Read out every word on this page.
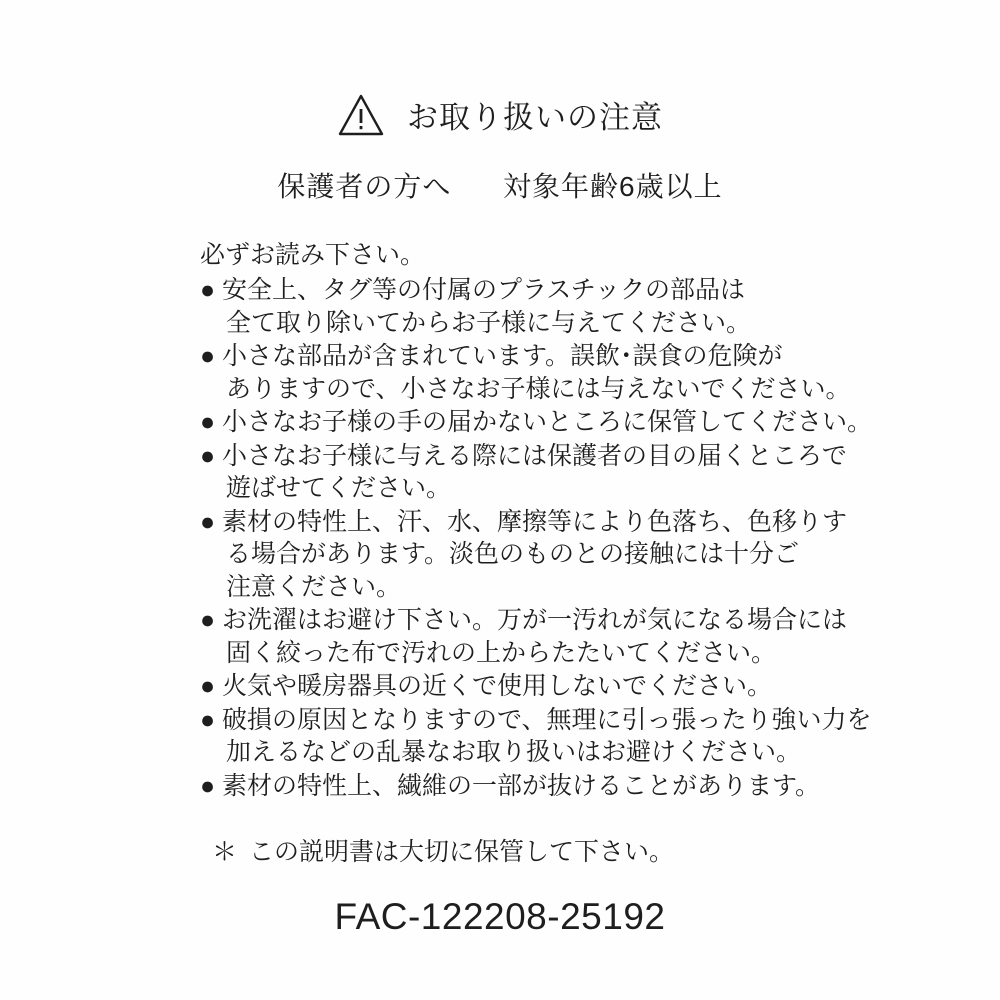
お取り扱いの注意
保護者の方へ 対象年齢6歳以上
必ずお読み下さい。
● 安全上、タグ等の付属のプラスチックの部品は
全て取り除いてからお子様に与えてください。
● 小さな部品が含まれています。誤飲･誤食の危険が
ありますので、小さなお子様には与えないでください。
● 小さなお子様の手の届かないところに保管してください。
● 小さなお子様に与える際には保護者の目の届くところで
遊ばせてください。
● 素材の特性上、汗、水、摩擦等により色落ち、色移りす
る場合があります。淡色のものとの接触には十分ご
注意ください。
● お洗濯はお避け下さい。万が一汚れが気になる場合には
固く絞った布で汚れの上からたたいてください。
● 火気や暖房器具の近くで使用しないでください。
● 破損の原因となりますので、無理に引っ張ったり強い力を
加えるなどの乱暴なお取り扱いはお避けください。
● 素材の特性上、繊維の一部が抜けることがあります。
＊ この説明書は大切に保管して下さい。
FAC-122208-25192
